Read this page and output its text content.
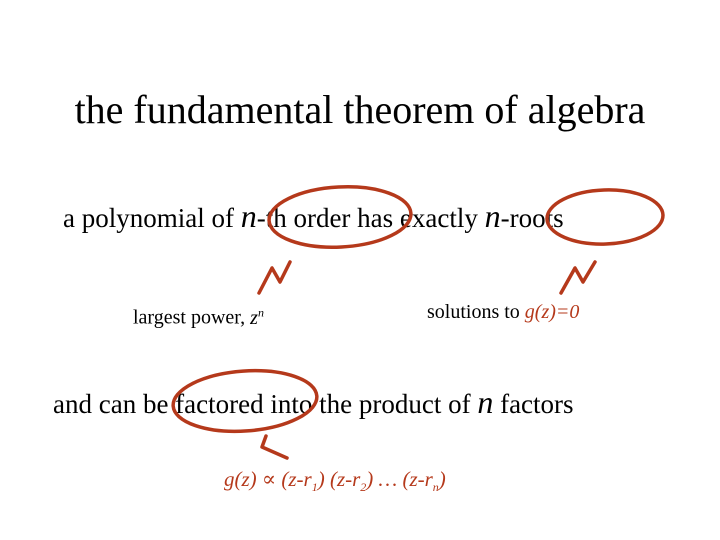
the fundamental theorem of algebra
a polynomial of n-th order has exactly n-roots
largest power, $z^n$	solutions to g(z)=0
and can be factored into the product of n factors
$g(z) \propto (z-r_1)$ $(z-r_2)$ … $(z-r_n)$
